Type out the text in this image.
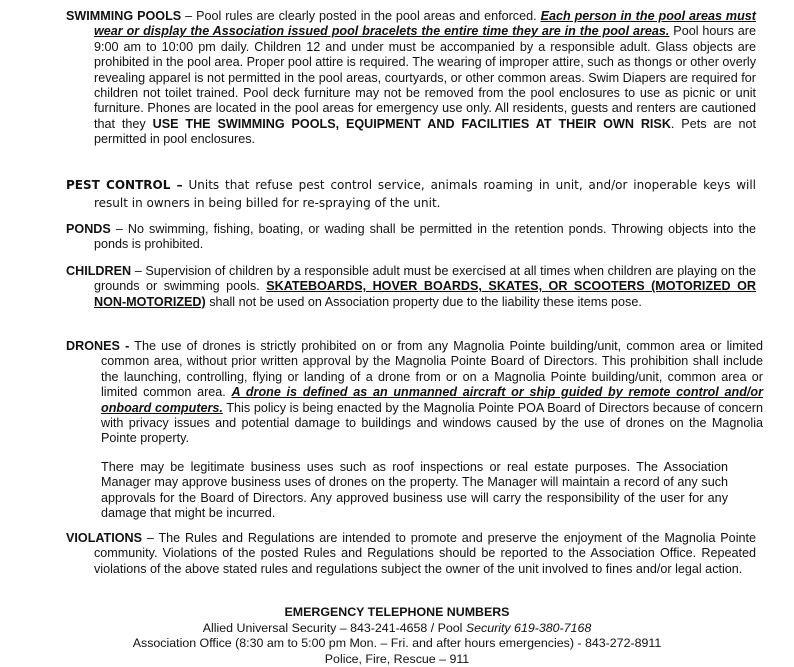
SWIMMING POOLS – Pool rules are clearly posted in the pool areas and enforced. Each person in the pool areas must wear or display the Association issued pool bracelets the entire time they are in the pool areas. Pool hours are 9:00 am to 10:00 pm daily. Children 12 and under must be accompanied by a responsible adult. Glass objects are prohibited in the pool area. Proper pool attire is required. The wearing of improper attire, such as thongs or other overly revealing apparel is not permitted in the pool areas, courtyards, or other common areas. Swim Diapers are required for children not toilet trained. Pool deck furniture may not be removed from the pool enclosures to use as picnic or unit furniture. Phones are located in the pool areas for emergency use only. All residents, guests and renters are cautioned that they USE THE SWIMMING POOLS, EQUIPMENT AND FACILITIES AT THEIR OWN RISK. Pets are not permitted in pool enclosures.
PEST CONTROL – Units that refuse pest control service, animals roaming in unit, and/or inoperable keys will result in owners in being billed for re-spraying of the unit.
PONDS – No swimming, fishing, boating, or wading shall be permitted in the retention ponds. Throwing objects into the ponds is prohibited.
CHILDREN – Supervision of children by a responsible adult must be exercised at all times when children are playing on the grounds or swimming pools. SKATEBOARDS, HOVER BOARDS, SKATES, OR SCOOTERS (MOTORIZED OR NON-MOTORIZED) shall not be used on Association property due to the liability these items pose.
DRONES - The use of drones is strictly prohibited on or from any Magnolia Pointe building/unit, common area or limited common area, without prior written approval by the Magnolia Pointe Board of Directors. This prohibition shall include the launching, controlling, flying or landing of a drone from or on a Magnolia Pointe building/unit, common area or limited common area. A drone is defined as an unmanned aircraft or ship guided by remote control and/or onboard computers. This policy is being enacted by the Magnolia Pointe POA Board of Directors because of concern with privacy issues and potential damage to buildings and windows caused by the use of drones on the Magnolia Pointe property.
There may be legitimate business uses such as roof inspections or real estate purposes. The Association Manager may approve business uses of drones on the property. The Manager will maintain a record of any such approvals for the Board of Directors. Any approved business use will carry the responsibility of the user for any damage that might be incurred.
VIOLATIONS – The Rules and Regulations are intended to promote and preserve the enjoyment of the Magnolia Pointe community. Violations of the posted Rules and Regulations should be reported to the Association Office. Repeated violations of the above stated rules and regulations subject the owner of the unit involved to fines and/or legal action.
EMERGENCY TELEPHONE NUMBERS
Allied Universal Security – 843-241-4658 / Pool Security 619-380-7168
Association Office (8:30 am to 5:00 pm Mon. – Fri. and after hours emergencies) - 843-272-8911
Police, Fire, Rescue – 911
